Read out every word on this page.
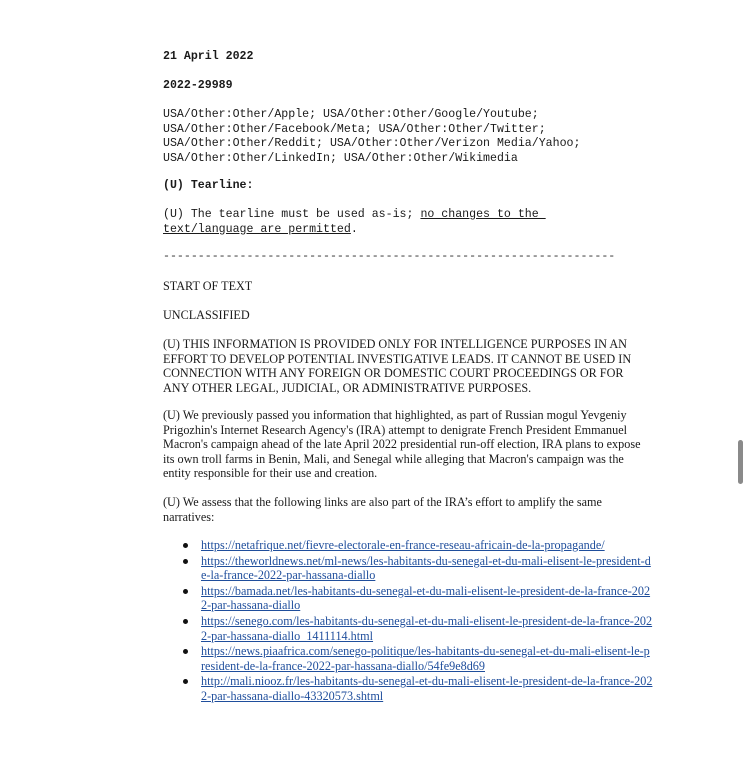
21 April 2022
2022-29989
USA/Other:Other/Apple; USA/Other:Other/Google/Youtube;
USA/Other:Other/Facebook/Meta; USA/Other:Other/Twitter;
USA/Other:Other/Reddit; USA/Other:Other/Verizon Media/Yahoo;
USA/Other:Other/LinkedIn; USA/Other:Other/Wikimedia
(U) Tearline:
(U) The tearline must be used as-is; no changes to the
text/language are permitted.
-----------------------------------------------------------------
START OF TEXT
UNCLASSIFIED
(U) THIS INFORMATION IS PROVIDED ONLY FOR INTELLIGENCE PURPOSES IN AN EFFORT TO DEVELOP POTENTIAL INVESTIGATIVE LEADS. IT CANNOT BE USED IN CONNECTION WITH ANY FOREIGN OR DOMESTIC COURT PROCEEDINGS OR FOR ANY OTHER LEGAL, JUDICIAL, OR ADMINISTRATIVE PURPOSES.
(U) We previously passed you information that highlighted, as part of Russian mogul Yevgeniy Prigozhin's Internet Research Agency's (IRA) attempt to denigrate French President Emmanuel Macron's campaign ahead of the late April 2022 presidential run-off election, IRA plans to expose its own troll farms in Benin, Mali, and Senegal while alleging that Macron's campaign was the entity responsible for their use and creation.
(U) We assess that the following links are also part of the IRA’s effort to amplify the same narratives:
https://netafrique.net/fievre-electorale-en-france-reseau-africain-de-la-propagande/
https://theworldnews.net/ml-news/les-habitants-du-senegal-et-du-mali-elisent-le-president-de-la-france-2022-par-hassana-diallo
https://bamada.net/les-habitants-du-senegal-et-du-mali-elisent-le-president-de-la-france-2022-par-hassana-diallo
https://senego.com/les-habitants-du-senegal-et-du-mali-elisent-le-president-de-la-france-2022-par-hassana-diallo_1411114.html
https://news.piaafrica.com/senego-politique/les-habitants-du-senegal-et-du-mali-elisent-le-president-de-la-france-2022-par-hassana-diallo/54fe9e8d69
http://mali.niooz.fr/les-habitants-du-senegal-et-du-mali-elisent-le-president-de-la-france-2022-par-hassana-diallo-43320573.shtml
